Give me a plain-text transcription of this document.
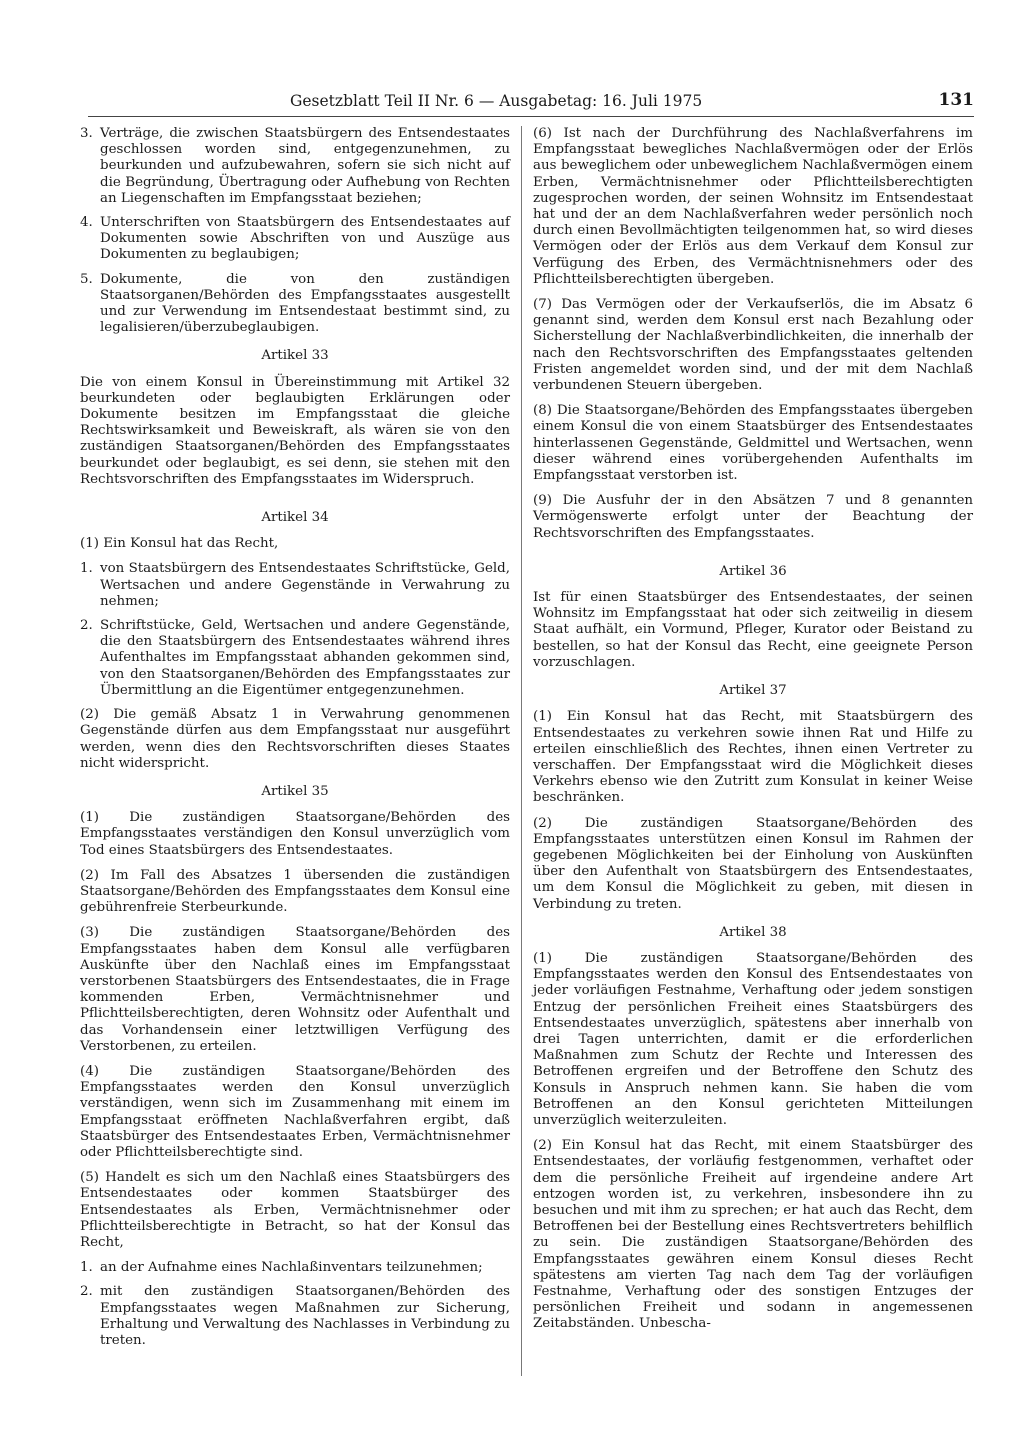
Gesetzblatt Teil II Nr. 6 — Ausgabetag: 16. Juli 1975	131
3. Verträge, die zwischen Staatsbürgern des Entsendestaates geschlossen worden sind, entgegenzunehmen, zu beurkunden und aufzubewahren, sofern sie sich nicht auf die Begründung, Übertragung oder Aufhebung von Rechten an Liegenschaften im Empfangsstaat beziehen;
4. Unterschriften von Staatsbürgern des Entsendestaates auf Dokumenten sowie Abschriften von und Auszüge aus Dokumenten zu beglaubigen;
5. Dokumente, die von den zuständigen Staatsorganen/Behörden des Empfangsstaates ausgestellt und zur Verwendung im Entsendestaat bestimmt sind, zu legalisieren/überzubeglaubigen.
Artikel 33

Die von einem Konsul in Übereinstimmung mit Artikel 32 beurkundeten oder beglaubigten Erklärungen oder Dokumente besitzen im Empfangsstaat die gleiche Rechtswirksamkeit und Beweiskraft, als wären sie von den zuständigen Staatsorganen/Behörden des Empfangsstaates beurkundet oder beglaubigt, es sei denn, sie stehen mit den Rechtsvorschriften des Empfangsstaates im Widerspruch.

Artikel 34

(1) Ein Konsul hat das Recht,

1. von Staatsbürgern des Entsendestaates Schriftstücke, Geld, Wertsachen und andere Gegenstände in Verwahrung zu nehmen;
2. Schriftstücke, Geld, Wertsachen und andere Gegenstände, die den Staatsbürgern des Entsendestaates während ihres Aufenthaltes im Empfangsstaat abhanden gekommen sind, von den Staatsorganen/Behörden des Empfangsstaates zur Übermittlung an die Eigentümer entgegenzunehmen.

(2) Die gemäß Absatz 1 in Verwahrung genommenen Gegenstände dürfen aus dem Empfangsstaat nur ausgeführt werden, wenn dies den Rechtsvorschriften dieses Staates nicht widerspricht.

Artikel 35

(1) Die zuständigen Staatsorgane/Behörden des Empfangsstaates verständigen den Konsul unverzüglich vom Tod eines Staatsbürgers des Entsendestaates.

(2) Im Fall des Absatzes 1 übersenden die zuständigen Staatsorgane/Behörden des Empfangsstaates dem Konsul eine gebührenfreie Sterbeurkunde.

(3) Die zuständigen Staatsorgane/Behörden des Empfangsstaates haben dem Konsul alle verfügbaren Auskünfte über den Nachlaß eines im Empfangsstaat verstorbenen Staatsbürgers des Entsendestaates, die in Frage kommenden Erben, Vermächtnisnehmer und Pflichtteilsberechtigten, deren Wohnsitz oder Aufenthalt und das Vorhandensein einer letztwilligen Verfügung des Verstorbenen, zu erteilen.

(4) Die zuständigen Staatsorgane/Behörden des Empfangsstaates werden den Konsul unverzüglich verständigen, wenn sich im Zusammenhang mit einem im Empfangsstaat eröffneten Nachlaßverfahren ergibt, daß Staatsbürger des Entsendestaates Erben, Vermächtnisnehmer oder Pflichtteilsberechtigte sind.

(5) Handelt es sich um den Nachlaß eines Staatsbürgers des Entsendestaates oder kommen Staatsbürger des Entsendestaates als Erben, Vermächtnisnehmer oder Pflichtteilsberechtigte in Betracht, so hat der Konsul das Recht,

1. an der Aufnahme eines Nachlaßinventars teilzunehmen;
2. mit den zuständigen Staatsorganen/Behörden des Empfangsstaates wegen Maßnahmen zur Sicherung, Erhaltung und Verwaltung des Nachlasses in Verbindung zu treten.

(6) Ist nach der Durchführung des Nachlaßverfahrens im Empfangsstaat bewegliches Nachlaßvermögen oder der Erlös aus beweglichem oder unbeweglichem Nachlaßvermögen einem Erben, Vermächtnisnehmer oder Pflichtteilsberechtigten zugesprochen worden, der seinen Wohnsitz im Entsendestaat hat und der an dem Nachlaßverfahren weder persönlich noch durch einen Bevollmächtigten teilgenommen hat, so wird dieses Vermögen oder der Erlös aus dem Verkauf dem Konsul zur Verfügung des Erben, des Vermächtnisnehmers oder des Pflichtteilsberechtigten übergeben.

(7) Das Vermögen oder der Verkaufserlös, die im Absatz 6 genannt sind, werden dem Konsul erst nach Bezahlung oder Sicherstellung der Nachlaßverbindlichkeiten, die innerhalb der nach den Rechtsvorschriften des Empfangsstaates geltenden Fristen angemeldet worden sind, und der mit dem Nachlaß verbundenen Steuern übergeben.

(8) Die Staatsorgane/Behörden des Empfangsstaates übergeben einem Konsul die von einem Staatsbürger des Entsendestaates hinterlassenen Gegenstände, Geldmittel und Wertsachen, wenn dieser während eines vorübergehenden Aufenthalts im Empfangsstaat verstorben ist.

(9) Die Ausfuhr der in den Absätzen 7 und 8 genannten Vermögenswerte erfolgt unter der Beachtung der Rechtsvorschriften des Empfangsstaates.

Artikel 36

Ist für einen Staatsbürger des Entsendestaates, der seinen Wohnsitz im Empfangsstaat hat oder sich zeitweilig in diesem Staat aufhält, ein Vormund, Pfleger, Kurator oder Beistand zu bestellen, so hat der Konsul das Recht, eine geeignete Person vorzuschlagen.

Artikel 37

(1) Ein Konsul hat das Recht, mit Staatsbürgern des Entsendestaates zu verkehren sowie ihnen Rat und Hilfe zu erteilen einschließlich des Rechtes, ihnen einen Vertreter zu verschaffen. Der Empfangsstaat wird die Möglichkeit dieses Verkehrs ebenso wie den Zutritt zum Konsulat in keiner Weise beschränken.

(2) Die zuständigen Staatsorgane/Behörden des Empfangsstaates unterstützen einen Konsul im Rahmen der gegebenen Möglichkeiten bei der Einholung von Auskünften über den Aufenthalt von Staatsbürgern des Entsendestaates, um dem Konsul die Möglichkeit zu geben, mit diesen in Verbindung zu treten.

Artikel 38

(1) Die zuständigen Staatsorgane/Behörden des Empfangsstaates werden den Konsul des Entsendestaates von jeder vorläufigen Festnahme, Verhaftung oder jedem sonstigen Entzug der persönlichen Freiheit eines Staatsbürgers des Entsendestaates unverzüglich, spätestens aber innerhalb von drei Tagen unterrichten, damit er die erforderlichen Maßnahmen zum Schutz der Rechte und Interessen des Betroffenen ergreifen und der Betroffene den Schutz des Konsuls in Anspruch nehmen kann. Sie haben die vom Betroffenen an den Konsul gerichteten Mitteilungen unverzüglich weiterzuleiten.

(2) Ein Konsul hat das Recht, mit einem Staatsbürger des Entsendestaates, der vorläufig festgenommen, verhaftet oder dem die persönliche Freiheit auf irgendeine andere Art entzogen worden ist, zu verkehren, insbesondere ihn zu besuchen und mit ihm zu sprechen; er hat auch das Recht, dem Betroffenen bei der Bestellung eines Rechtsvertreters behilflich zu sein. Die zuständigen Staatsorgane/Behörden des Empfangsstaates gewähren einem Konsul dieses Recht spätestens am vierten Tag nach dem Tag der vorläufigen Festnahme, Verhaftung oder des sonstigen Entzuges der persönlichen Freiheit und sodann in angemessenen Zeitabständen. Unbescha-
